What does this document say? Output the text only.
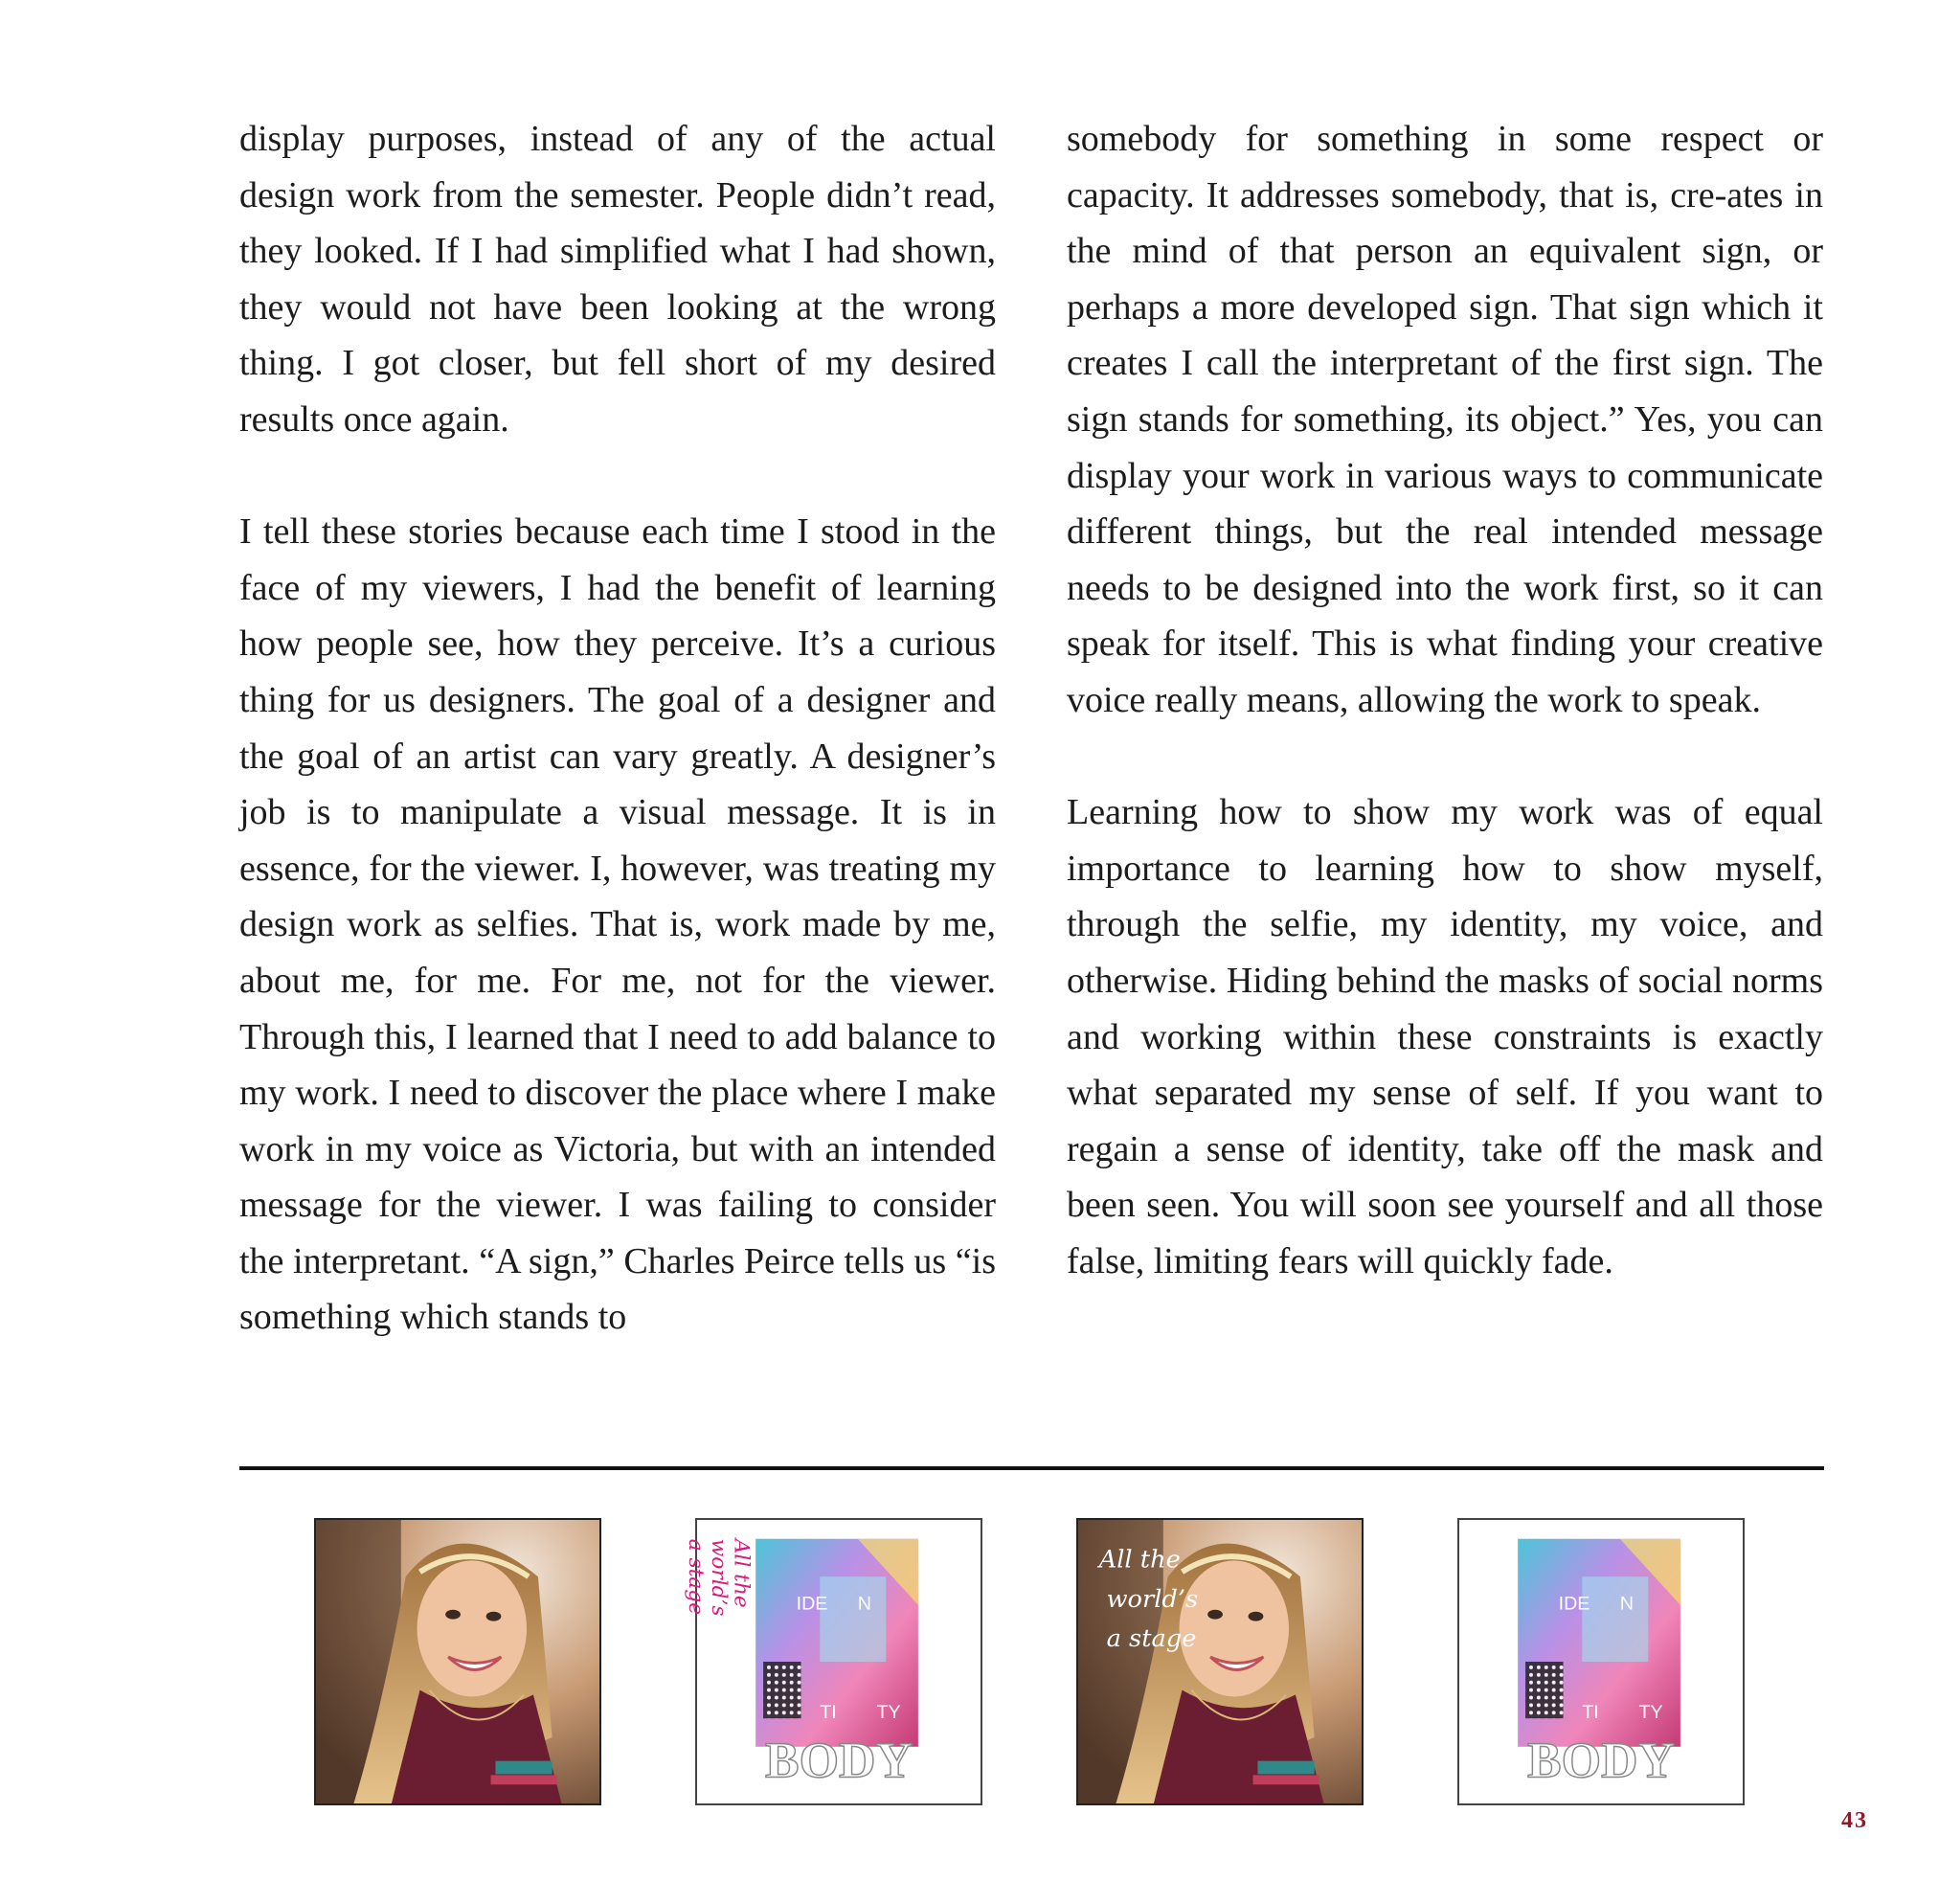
display purposes, instead of any of the actual design work from the semester. People didn’t read, they looked. If I had simplified what I had shown, they would not have been looking at the wrong thing. I got closer, but fell short of my desired results once again.

I tell these stories because each time I stood in the face of my viewers, I had the benefit of learning how people see, how they perceive. It’s a curious thing for us designers. The goal of a designer and the goal of an artist can vary greatly. A designer’s job is to manipulate a visual message. It is in essence, for the viewer. I, however, was treating my design work as selfies. That is, work made by me, about me, for me. For me, not for the viewer. Through this, I learned that I need to add balance to my work. I need to discover the place where I make work in my voice as Victoria, but with an intended message for the viewer. I was failing to consider the interpretant. “A sign,” Charles Peirce tells us “is something which stands to

somebody for something in some respect or capacity. It addresses somebody, that is, cre-ates in the mind of that person an equivalent sign, or perhaps a more developed sign. That sign which it creates I call the interpretant of the first sign. The sign stands for something, its object.” Yes, you can display your work in various ways to communicate different things, but the real intended message needs to be designed into the work first, so it can speak for itself. This is what finding your creative voice really means, allowing the work to speak.

Learning how to show my work was of equal importance to learning how to show myself, through the selfie, my identity, my voice, and otherwise. Hiding behind the masks of social norms and working within these constraints is exactly what separated my sense of self. If you want to regain a sense of identity, take off the mask and been seen. You will soon see yourself and all those false, limiting fears will quickly fade.

IDE N
TI TY
BODY
All the
world’s
a stage	All the
world’s
a stage
IDE N
TI TY
BODY
43
